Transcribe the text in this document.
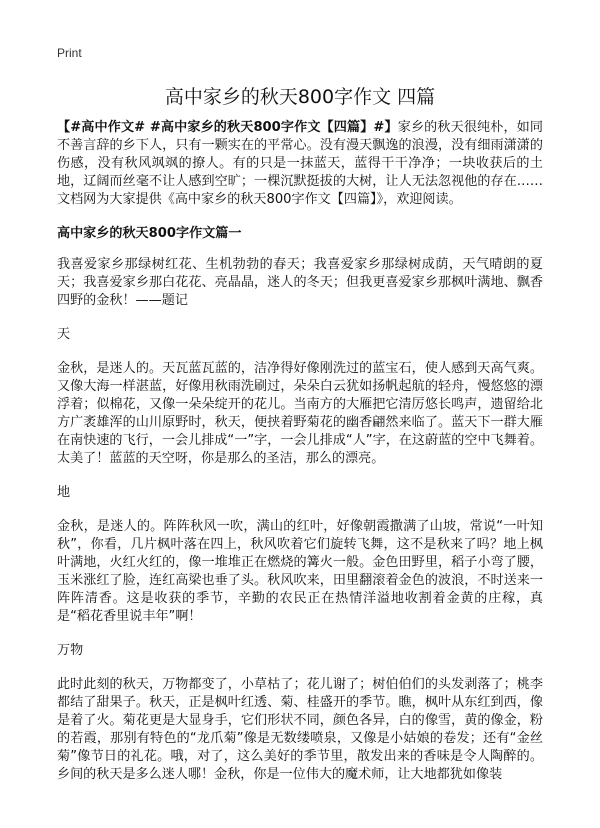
Print
高中家乡的秋天800字作文 四篇

【#高中作文# #高中家乡的秋天800字作文【四篇】#】家乡的秋天很纯朴，如同不善言辞的乡下人，只有一颗实在的平常心。没有漫天飘逸的浪漫，没有细雨潇潇的伤感，没有秋风飒飒的撩人。有的只是一抹蓝天，蓝得干干净净；一块收获后的土地，辽阔而丝毫不让人感到空旷；一棵沉默挺拔的大树，让人无法忽视他的存在……文档网为大家提供《高中家乡的秋天800字作文【四篇】》，欢迎阅读。

高中家乡的秋天800字作文篇一

我喜爱家乡那绿树红花、生机勃勃的春天；我喜爱家乡那绿树成荫，天气晴朗的夏天；我喜爱家乡那白花花、亮晶晶，迷人的冬天；但我更喜爱家乡那枫叶满地、飘香四野的金秋！——题记

天

金秋，是迷人的。天瓦蓝瓦蓝的，洁净得好像刚洗过的蓝宝石，使人感到天高气爽。又像大海一样湛蓝，好像用秋雨洗刷过，朵朵白云犹如扬帆起航的轻舟，慢悠悠的漂浮着；似棉花，又像一朵朵绽开的花儿。当南方的大雁把它清厉悠长鸣声，遗留给北方广袤雄浑的山川原野时，秋天，便挟着野菊花的幽香翩然来临了。蓝天下一群大雁在南快速的飞行，一会儿排成“一”字，一会儿排成“人”字，在这蔚蓝的空中飞舞着。太美了！蓝蓝的天空呀，你是那么的圣洁，那么的漂亮。

地

金秋，是迷人的。阵阵秋风一吹，满山的红叶，好像朝霞撒满了山坡，常说“一叶知秋”，你看，几片枫叶落在四上，秋风吹着它们旋转飞舞，这不是秋来了吗？地上枫叶满地，火红火红的，像一堆堆正在燃烧的篝火一般。金色田野里，稻子小弯了腰，玉米涨红了脸，连红高梁也垂了头。秋风吹来，田里翻滚着金色的波浪，不时送来一阵阵清香。这是收获的季节，辛勤的农民正在热情洋溢地收割着金黄的庄稼，真是“稻花香里说丰年”啊！

万物

此时此刻的秋天，万物都变了，小草枯了；花儿谢了；树伯伯们的头发剥落了；桃李都结了甜果子。秋天，正是枫叶红透、菊、桂盛开的季节。瞧，枫叶从东红到西，像是着了火。菊花更是大显身手，它们形状不同，颜色各异，白的像雪，黄的像金，粉的若霞，那别有特色的“龙爪菊”像是无数缕喷泉，又像是小姑娘的卷发；还有“金丝菊”像节日的礼花。哦，对了，这么美好的季节里，散发出来的香味是令人陶醉的。乡间的秋天是多么迷人哪！金秋，你是一位伟大的魔术师，让大地都犹如像装
